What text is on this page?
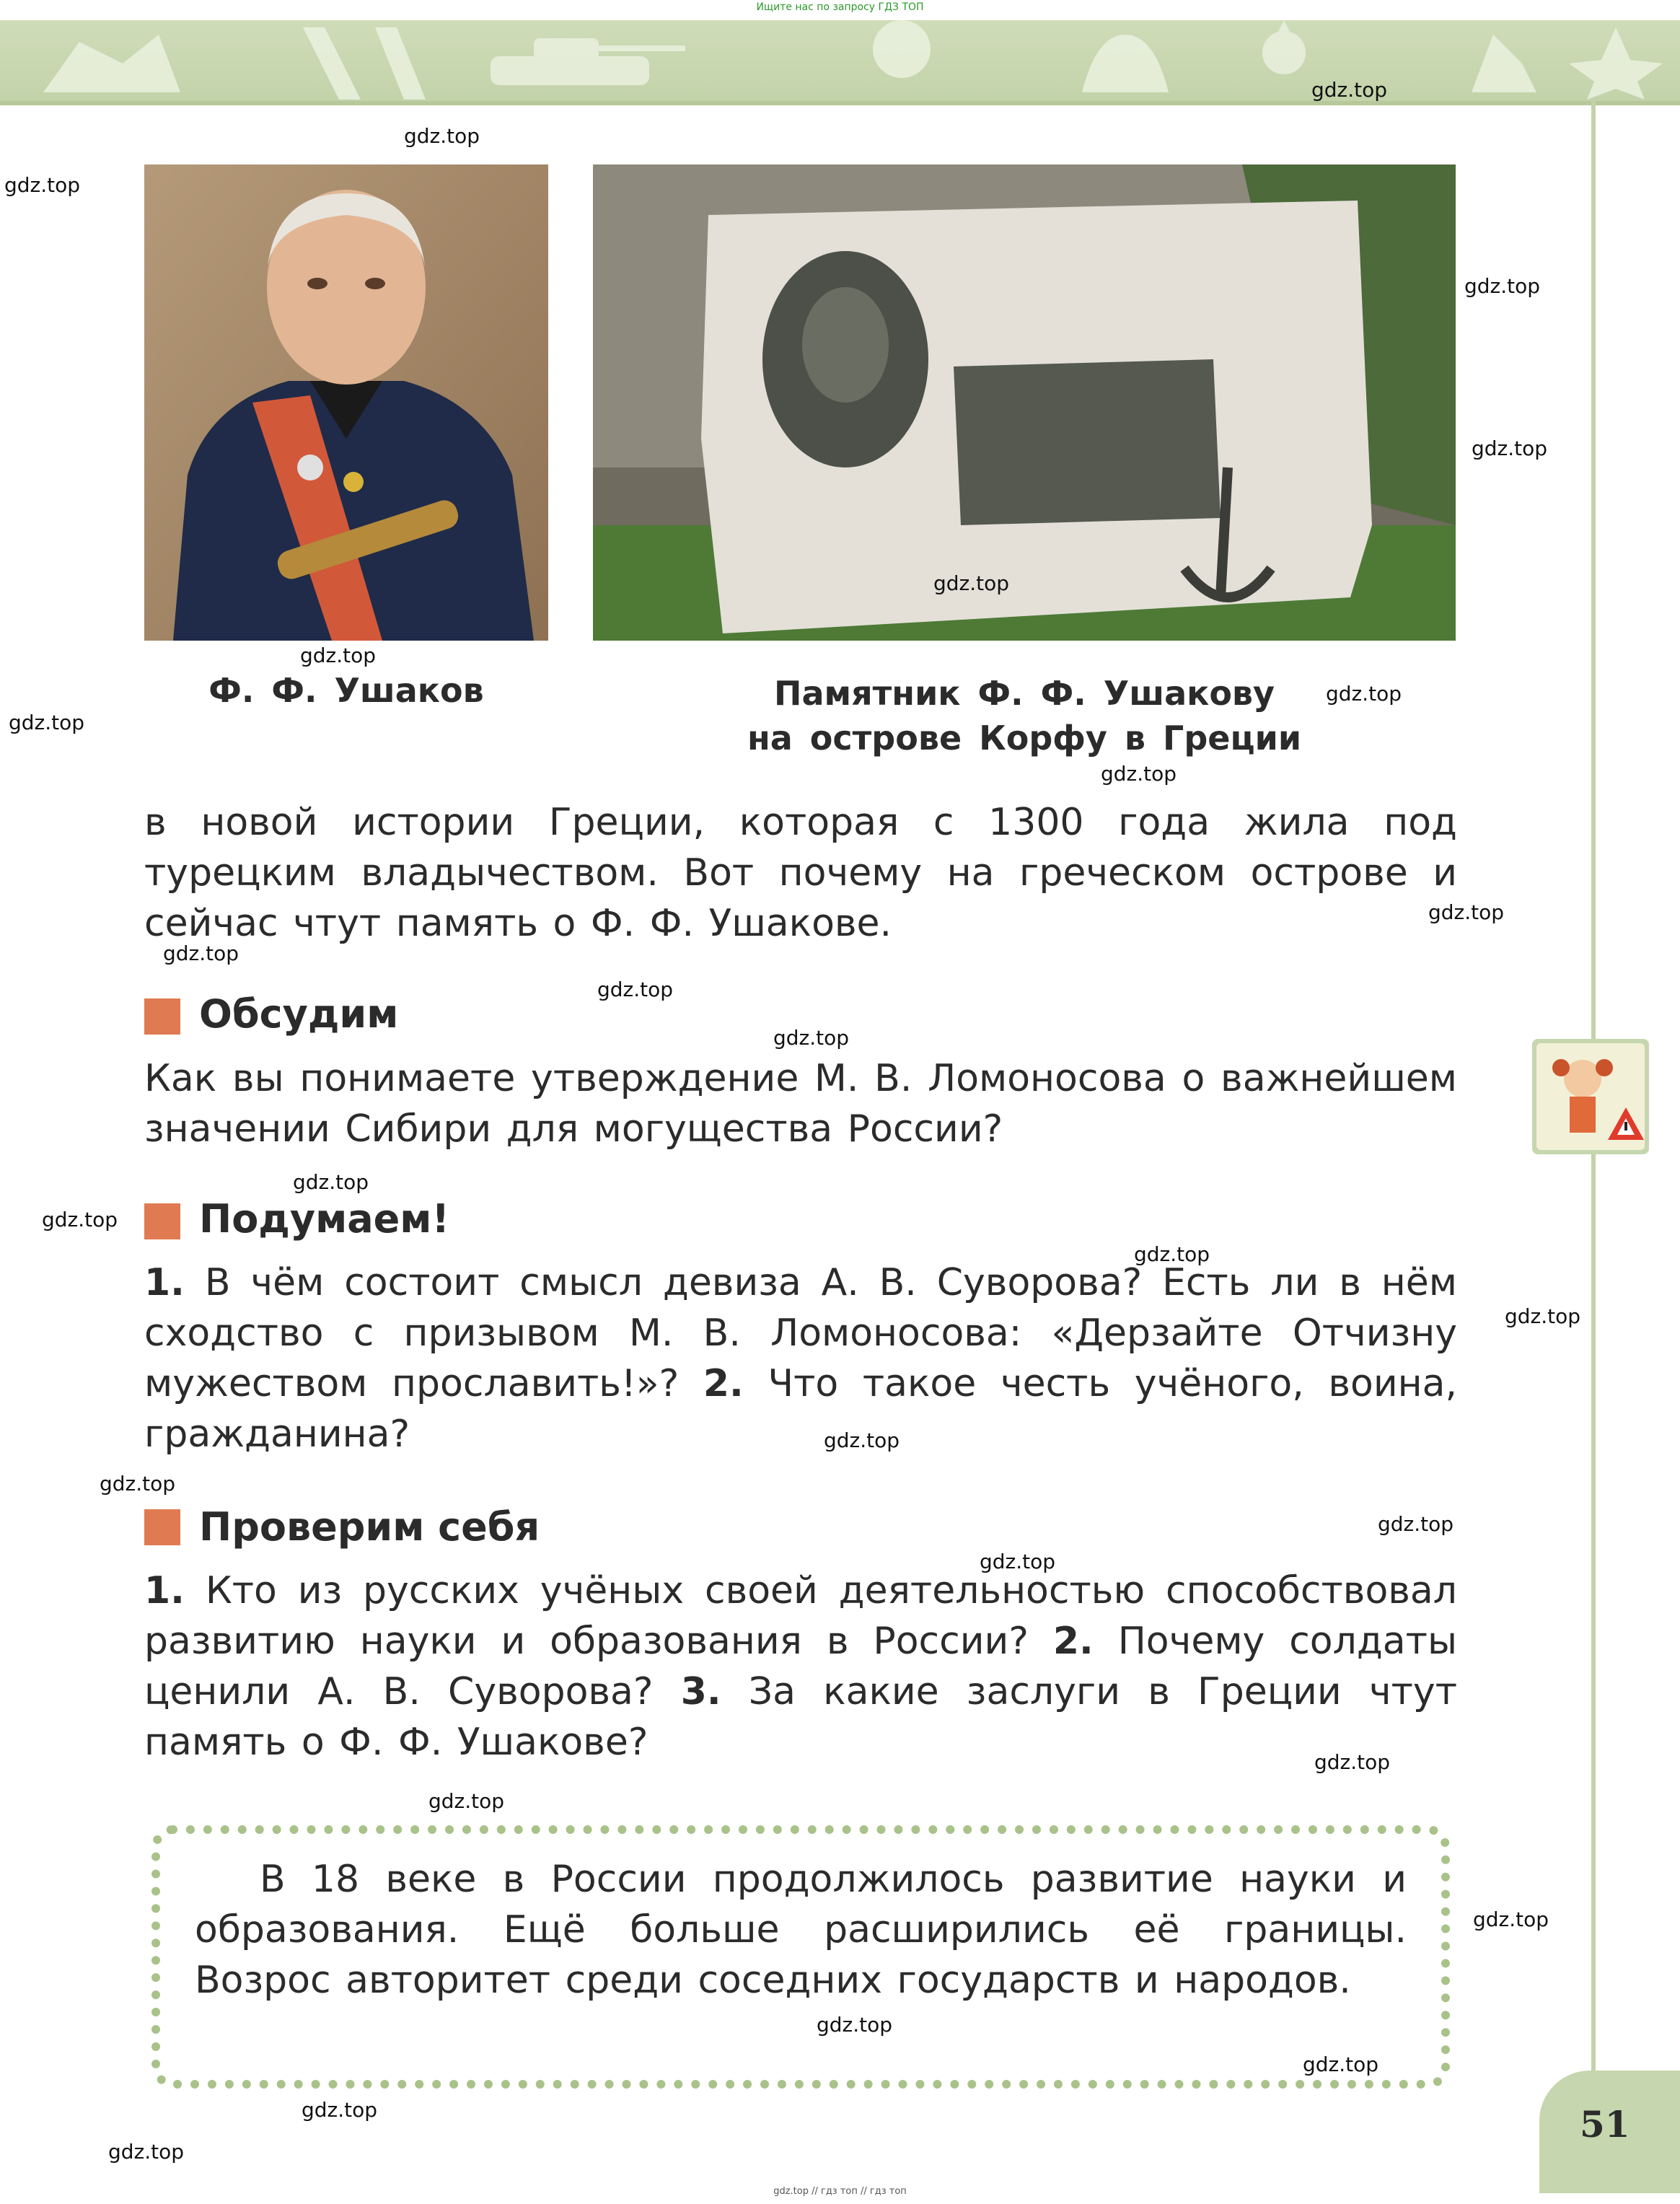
Ищите нас по запросу ГДЗ ТОП
Ф. Ф. Ушаков	Памятник Ф. Ф. Ушакову
на острове Корфу в Греции
в новой истории Греции, которая с 1300 года жила под турецким владычеством. Вот почему на греческом острове и сейчас чтут память о Ф. Ф. Ушакове.
Обсудим
Как вы понимаете утверждение М. В. Ломоносова о важнейшем значении Сибири для могущества России?
Подумаем!
1. В чём состоит смысл девиза А. В. Суворова? Есть ли в нём сходство с призывом М. В. Ломоносова: «Дерзайте Отчизну мужеством прославить!»? 2. Что такое честь учёного, воина, гражданина?
Проверим себя
1. Кто из русских учёных своей деятельностью способствовал развитию науки и образования в России? 2. Почему солдаты ценили А. В. Суворова? 3. За какие заслуги в Греции чтут память о Ф. Ф. Ушакове?
В 18 веке в России продолжилось развитие науки и образования. Ещё больше расширились её границы. Возрос авторитет среди соседних государств и народов.
51
gdz.top // гдз топ // гдз топ
gdz.top
gdz.top
gdz.top
gdz.top
gdz.top
gdz.top
gdz.top
gdz.top
gdz.top
gdz.top
gdz.top
gdz.top
gdz.top
gdz.top
gdz.top
gdz.top
gdz.top
gdz.top
gdz.top
gdz.top
gdz.top
gdz.top
gdz.top
gdz.top
gdz.top
gdz.top
gdz.top
gdz.top
gdz.top
